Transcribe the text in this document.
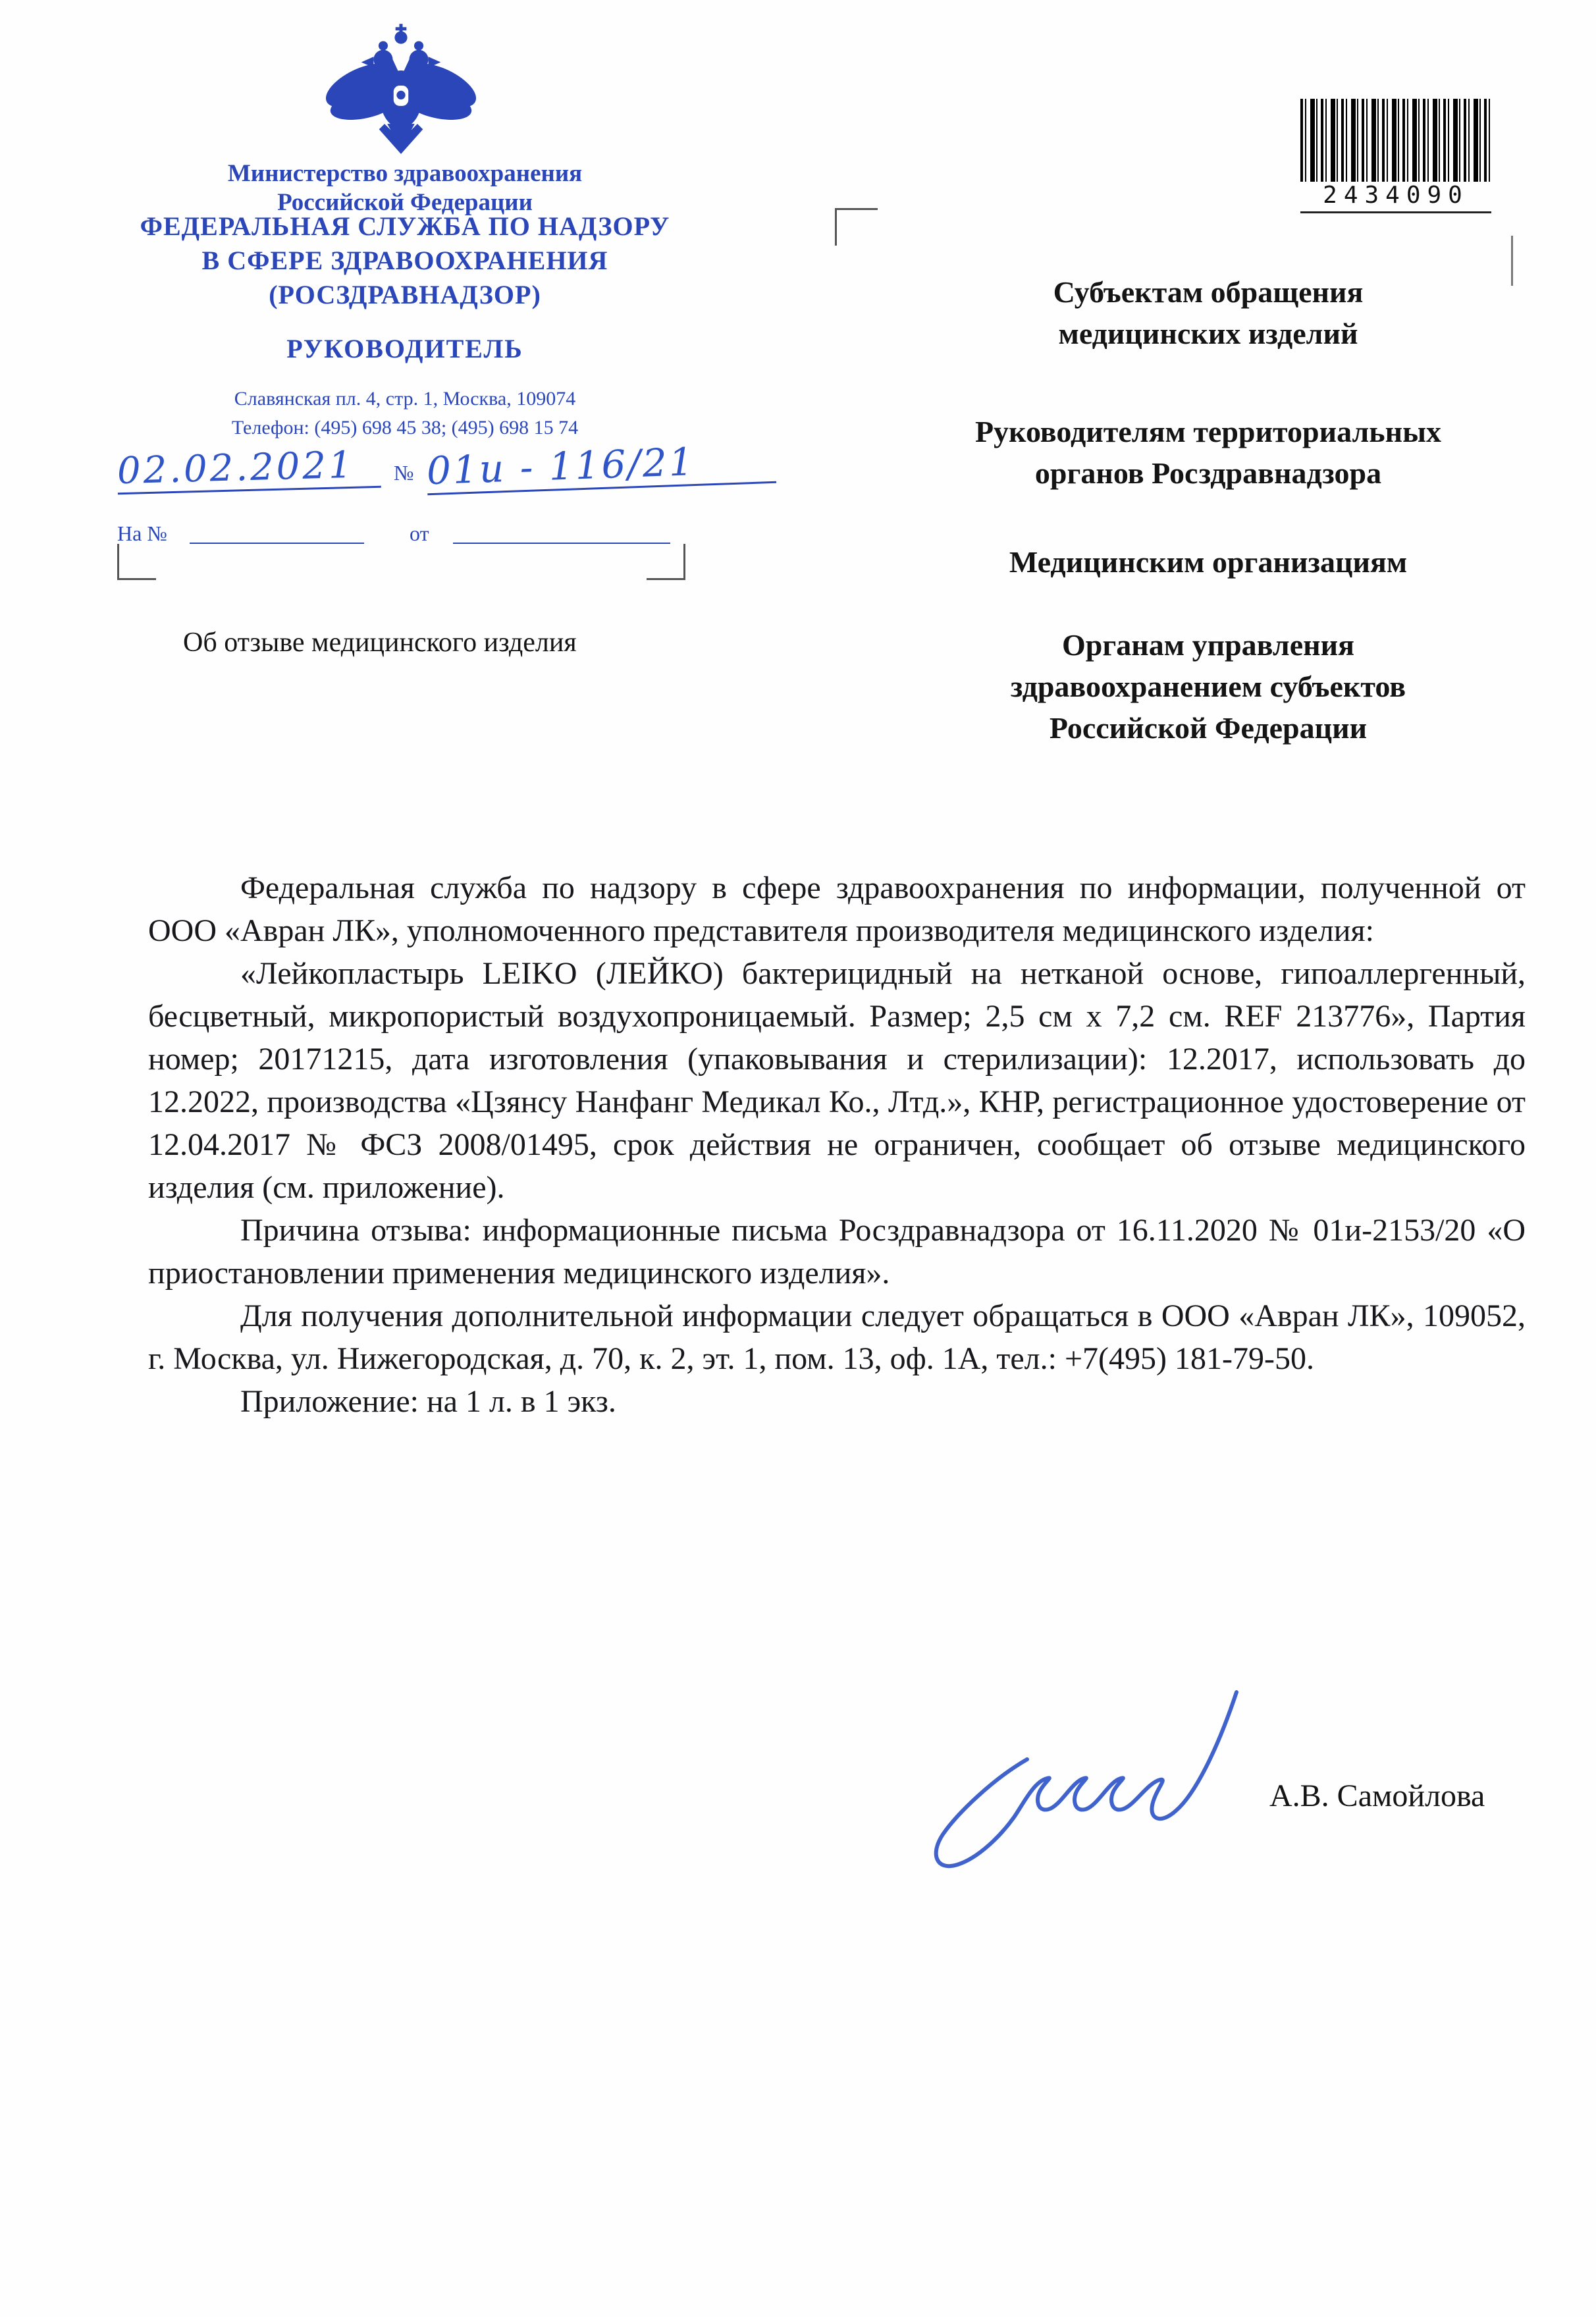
Министерство здравоохранения
Российской Федерации
ФЕДЕРАЛЬНАЯ СЛУЖБА ПО НАДЗОРУ
В СФЕРЕ ЗДРАВООХРАНЕНИЯ
(РОСЗДРАВНАДЗОР)
РУКОВОДИТЕЛЬ
Славянская пл. 4, стр. 1, Москва, 109074
Телефон: (495) 698 45 38; (495) 698 15 74
02.02.2021	№ 01и - 116/21
На №	от
2434090
Субъектам обращения
медицинских изделий
Руководителям территориальных
органов Росздравнадзора
Медицинским организациям
Органам управления
здравоохранением субъектов
Российской Федерации
Об отзыве медицинского изделия

Федеральная служба по надзору в сфере здравоохранения по информации, полученной от ООО «Авран ЛК», уполномоченного представителя производителя медицинского изделия:

«Лейкопластырь LEIKO (ЛЕЙКО) бактерицидный на нетканой основе, гипоаллергенный, бесцветный, микропористый воздухопроницаемый. Размер; 2,5 см х 7,2 см. REF 213776», Партия номер; 20171215, дата изготовления (упаковывания и стерилизации): 12.2017, использовать до 12.2022, производства «Цзянсу Нанфанг Медикал Ко., Лтд.», КНР, регистрационное удостоверение от 12.04.2017 № ФСЗ 2008/01495, срок действия не ограничен, сообщает об отзыве медицинского изделия (см. приложение).

Причина отзыва: информационные письма Росздравнадзора от 16.11.2020 № 01и-2153/20 «О приостановлении применения медицинского изделия».

Для получения дополнительной информации следует обращаться в ООО «Авран ЛК», 109052, г. Москва, ул. Нижегородская, д. 70, к. 2, эт. 1, пом. 13, оф. 1А, тел.: +7(495) 181-79-50.

Приложение: на 1 л. в 1 экз.

А.В. Самойлова
